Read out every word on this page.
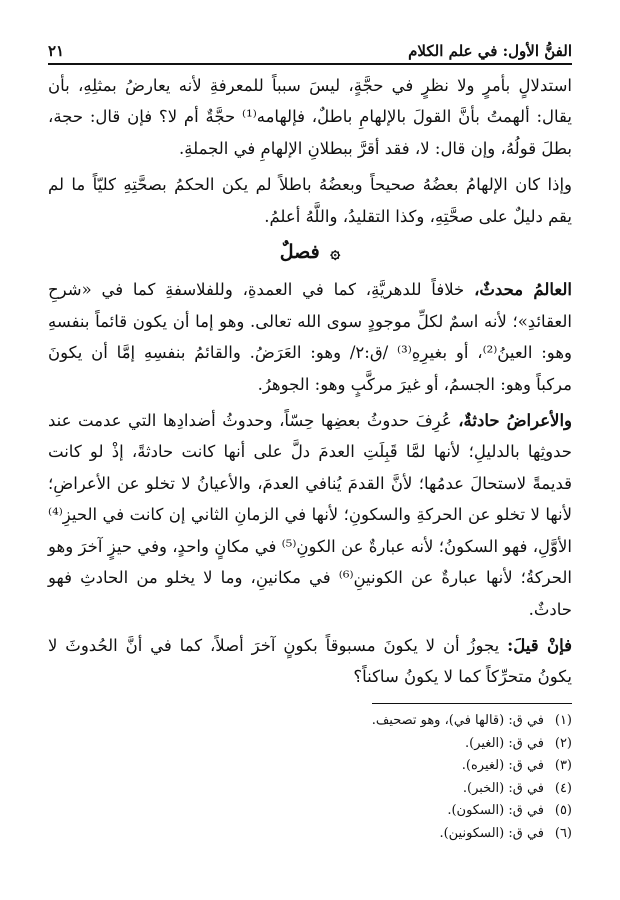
الفنُّ الأول: في علم الكلام
٢١

استدلالٍ بأمرٍ ولا نظرٍ في حجَّةٍ، ليسَ سبباً للمعرفةِ لأنه يعارضُ بمثلِهِ، بأن يقال: ألهمتُ بأنَّ القولَ بالإلهامِ باطلٌ، فإلهامه⁽¹⁾ حجَّةٌ أم لا؟ فإن قال: حجة، بطلَ قولُهُ، وإن قال: لا، فقد أقرَّ ببطلانِ الإلهامِ في الجملةِ.

وإذا كان الإلهامُ بعضُهُ صحيحاً وبعضُهُ باطلاً لم يكن الحكمُ بصحَّتِهِ كليّاً ما لم يقم دليلٌ على صحَّتِهِ، وكذا التقليدُ، واللَّهُ أعلمُ.

۞ فصلٌ

العالمُ محدثٌ، خلافاً للدهريَّةِ، كما في العمدةِ، وللفلاسفةِ كما في «شرحِ العقائدِ»؛ لأنه اسمٌ لكلِّ موجودٍ سوى الله تعالى. وهو إما أن يكون قائماً بنفسهِ وهو: العينُ⁽²⁾، أو بغيرِهِ⁽³⁾ /ق:٢/ وهو: العَرَضُ. والقائمُ بنفسِهِ إمَّا أن يكونَ مركباً وهو: الجسمُ، أو غيرَ مركَّبٍ وهو: الجوهرُ.

والأعراضُ حادثةٌ، عُرِفَ حدوثُ بعضِها حِسّاً، وحدوثُ أضدادِها التي عدمت عند حدوثِها بالدليلِ؛ لأنها لمَّا قَبِلَتِ العدمَ دلَّ على أنها كانت حادثةً، إذْ لو كانت قديمةً لاستحالَ عدمُها؛ لأنَّ القدمَ يُنافي العدمَ، والأعيانُ لا تخلو عن الأعراضِ؛ لأنها لا تخلو عن الحركةِ والسكونِ؛ لأنها في الزمانِ الثاني إن كانت في الحيزِ⁽⁴⁾ الأوَّلِ، فهو السكونُ؛ لأنه عبارةٌ عن الكونِ⁽⁵⁾ في مكانٍ واحدٍ، وفي حيزٍ آخرَ وهو الحركةُ؛ لأنها عبارةٌ عن الكونينِ⁽⁶⁾ في مكانينِ، وما لا يخلو من الحادثِ فهو حادثٌ.

فإنْ قيلَ: يجوزُ أن لا يكونَ مسبوقاً بكونٍ آخرَ أصلاً، كما في أنَّ الحُدوثَ لا يكونُ متحرِّكاً كما لا يكونُ ساكناً؟

(١)
في ق: (قالها في)، وهو تصحيف.
(٢)
في ق: (الغير).
(٣)
في ق: (لغيره).
(٤)
في ق: (الخبر).
(٥)
في ق: (السكون).
(٦)
في ق: (السكونين).
